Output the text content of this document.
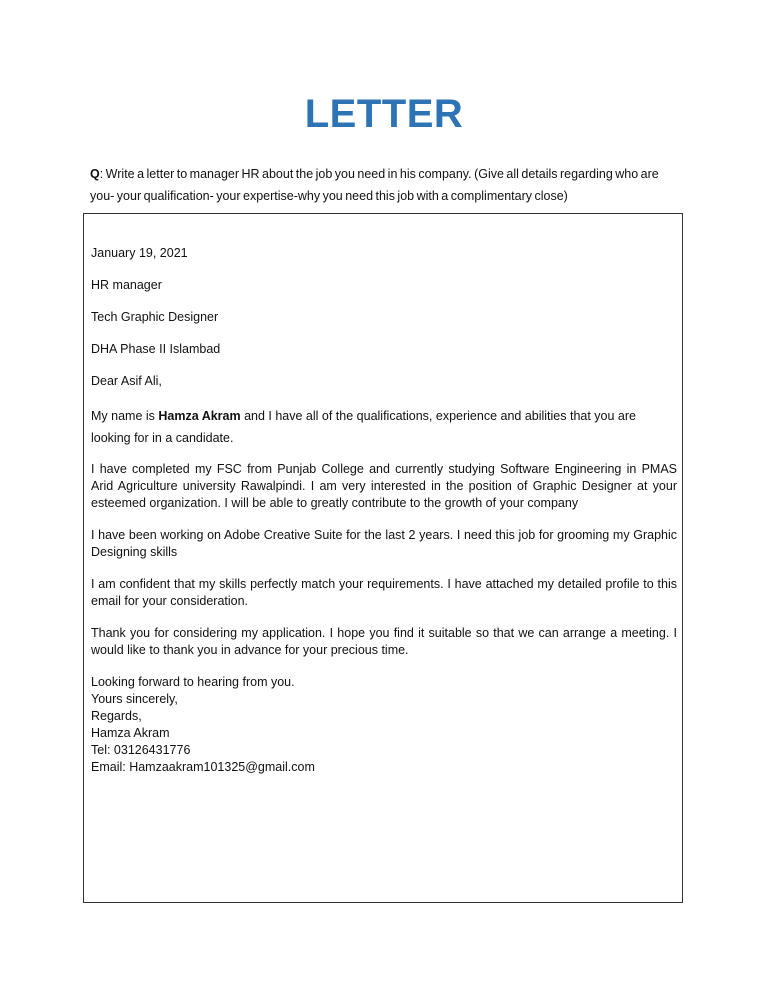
LETTER
Q: Write a letter to manager HR about the job you need in his company. (Give all details regarding who are you- your qualification- your expertise-why you need this job with a complimentary close)

January 19, 2021

HR manager

Tech Graphic Designer

DHA Phase II Islambad

Dear Asif Ali,

My name is Hamza Akram and I have all of the qualifications, experience and abilities that you are looking for in a candidate.

I have completed my FSC from Punjab College and currently studying Software Engineering in PMAS Arid Agriculture university Rawalpindi. I am very interested in the position of Graphic Designer at your esteemed organization. I will be able to greatly contribute to the growth of your company

I have been working on Adobe Creative Suite for the last 2 years. I need this job for grooming my Graphic Designing skills

I am confident that my skills perfectly match your requirements. I have attached my detailed profile to this email for your consideration.

Thank you for considering my application. I hope you find it suitable so that we can arrange a meeting. I would like to thank you in advance for your precious time.

Looking forward to hearing from you.

Yours sincerely,

Regards,

Hamza Akram

Tel: 03126431776

Email: Hamzaakram101325@gmail.com
